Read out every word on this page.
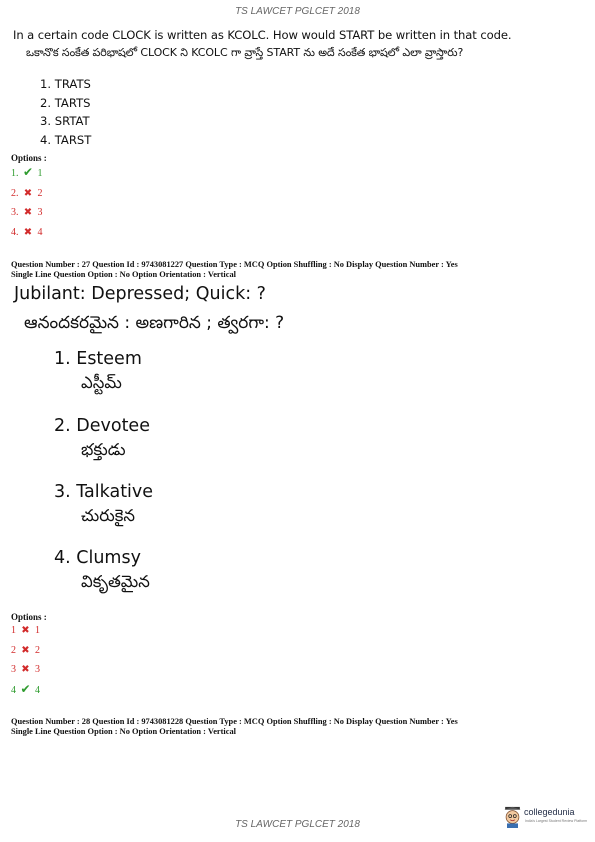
TS LAWCET PGLCET 2018
In a certain code CLOCK is written as KCOLC. How would START be written in that code.
ఒకానొక సంకేత పరిభాషలో CLOCK ని KCOLC గా వ్రాస్తే START ను అదే సంకేత భాషలో ఎలా వ్రాస్తారు?
1. TRATS
2. TARTS
3. SRTAT
4. TARST
Options :
1. ✔ 1
2. ✖ 2
3. ✖ 3
4. ✖ 4
Question Number : 27 Question Id : 9743081227 Question Type : MCQ Option Shuffling : No Display Question Number : Yes
Single Line Question Option : No Option Orientation : Vertical
Jubilant: Depressed; Quick: ?
ఆనందకరమైన : అణగారిన ; త్వరగా: ?
1. Esteem
ఎస్టీమ్
2. Devotee
భక్తుడు
3. Talkative
చురుకైన
4. Clumsy
వికృతమైన
Options :
1 ✖ 1
2 ✖ 2
3 ✖ 3
4 ✔ 4
Question Number : 28 Question Id : 9743081228 Question Type : MCQ Option Shuffling : No Display Question Number : Yes
Single Line Question Option : No Option Orientation : Vertical
TS LAWCET PGLCET 2018
collegedunia
India's Largest Student Review Platform
